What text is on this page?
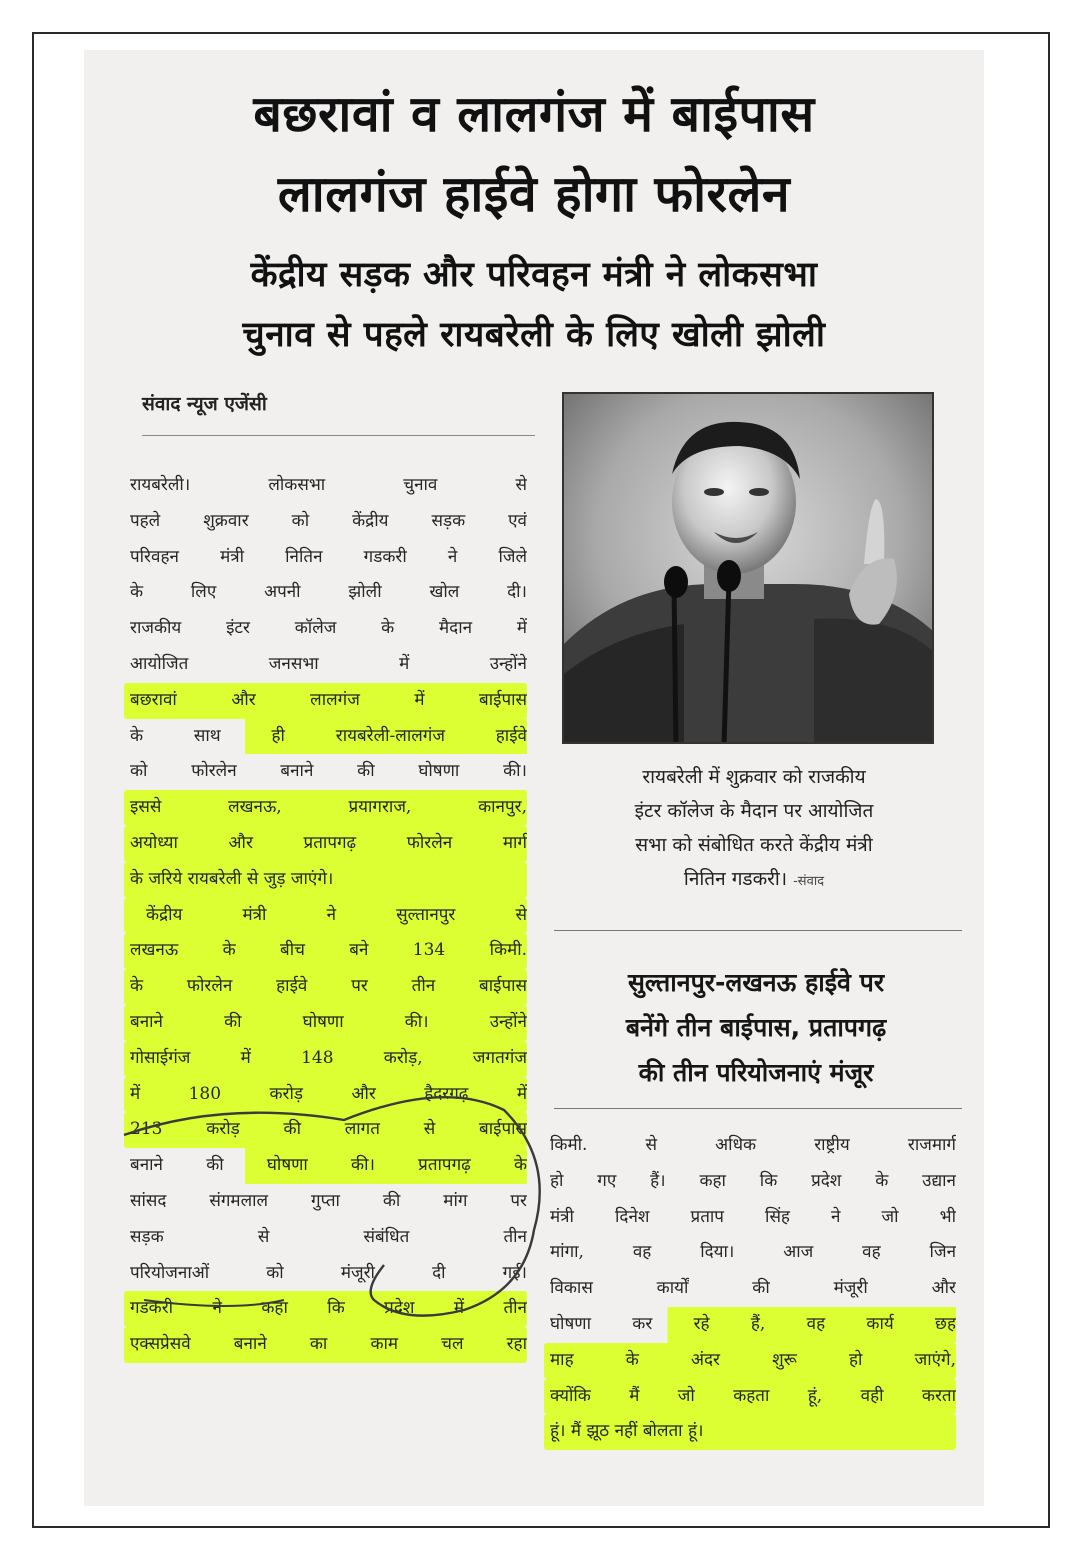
बछरावां व लालगंज में बाईपास
लालगंज हाईवे होगा फोरलेन
केंद्रीय सड़क और परिवहन मंत्री ने लोकसभा
चुनाव से पहले रायबरेली के लिए खोली झोली
संवाद न्यूज एजेंसी
रायबरेली। लोकसभा चुनाव से
पहले शुक्रवार को केंद्रीय सड़क एवं
परिवहन मंत्री नितिन गडकरी ने जिले
के लिए अपनी झोली खोल दी।
राजकीय इंटर कॉलेज के मैदान में
आयोजित जनसभा में उन्होंने
बछरावां और लालगंज में बाईपास
के साथ ही रायबरेली-लालगंज हाईवे
को फोरलेन बनाने की घोषणा की।
इससे लखनऊ, प्रयागराज, कानपुर,
अयोध्या और प्रतापगढ़ फोरलेन मार्ग
के जरिये रायबरेली से जुड़ जाएंगे।
केंद्रीय मंत्री ने सुल्तानपुर से
लखनऊ के बीच बने 134 किमी.
के फोरलेन हाईवे पर तीन बाईपास
बनाने की घोषणा की। उन्होंने
गोसाईगंज में 148 करोड़, जगतगंज
में 180 करोड़ और हैदरगढ़ में
213 करोड़ की लागत से बाईपास
बनाने की घोषणा की। प्रतापगढ़ के
सांसद संगमलाल गुप्ता की मांग पर
सड़क से संबंधित तीन
परियोजनाओं को मंजूरी दी गई।
गडकरी ने कहा कि प्रदेश में तीन
एक्सप्रेसवे बनाने का काम चल रहा
रायबरेली में शुक्रवार को राजकीय
इंटर कॉलेज के मैदान पर आयोजित
सभा को संबोधित करते केंद्रीय मंत्री
नितिन गडकरी। -संवाद
सुल्तानपुर-लखनऊ हाईवे पर
बनेंगे तीन बाईपास, प्रतापगढ़
की तीन परियोजनाएं मंजूर
किमी. से अधिक राष्ट्रीय राजमार्ग
हो गए हैं। कहा कि प्रदेश के उद्यान
मंत्री दिनेश प्रताप सिंह ने जो भी
मांगा, वह दिया। आज वह जिन
विकास कार्यों की मंजूरी और
घोषणा कर रहे हैं, वह कार्य छह
माह के अंदर शुरू हो जाएंगे,
क्योंकि मैं जो कहता हूं, वही करता
हूं। मैं झूठ नहीं बोलता हूं।
